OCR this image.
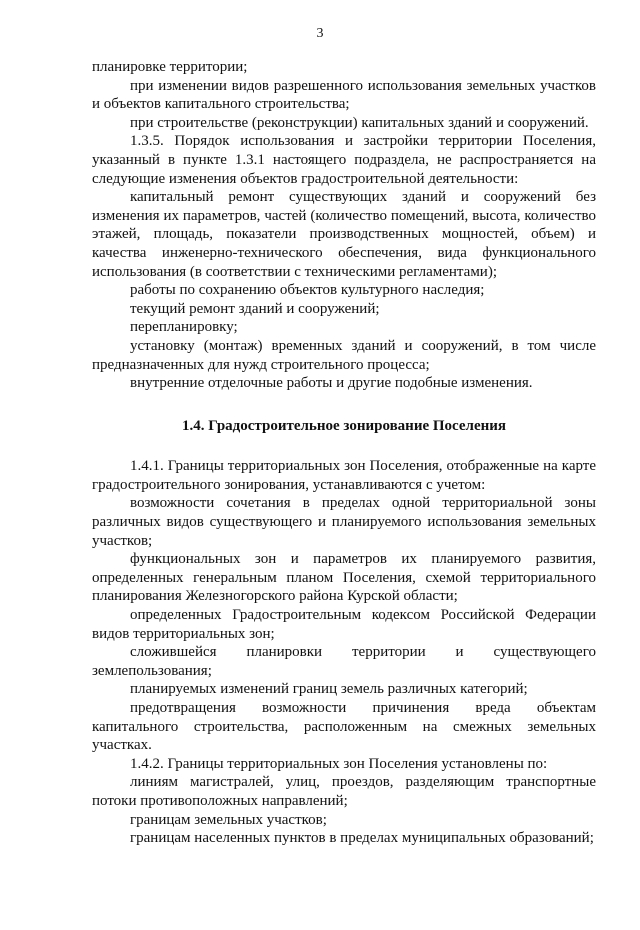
3

планировке территории;

при изменении видов разрешенного использования земельных участков и объектов капитального строительства;

при строительстве (реконструкции) капитальных зданий и сооружений.

1.3.5. Порядок использования и застройки территории Поселения, указанный в пункте 1.3.1 настоящего подраздела, не распространяется на следующие изменения объектов градостроительной деятельности:

капитальный ремонт существующих зданий и сооружений без изменения их параметров, частей (количество помещений, высота, количество этажей, площадь, показатели производственных мощностей, объем) и качества инженерно-технического обеспечения, вида функционального использования (в соответствии с техническими регламентами);

работы по сохранению объектов культурного наследия;

текущий ремонт зданий и сооружений;

перепланировку;

установку (монтаж) временных зданий и сооружений, в том числе предназначенных для нужд строительного процесса;

внутренние отделочные работы и другие подобные изменения.

1.4. Градостроительное зонирование Поселения

1.4.1. Границы территориальных зон Поселения, отображенные на карте градостроительного зонирования, устанавливаются с учетом:

возможности сочетания в пределах одной территориальной зоны различных видов существующего и планируемого использования земельных участков;

функциональных зон и параметров их планируемого развития, определенных генеральным планом Поселения, схемой территориального планирования Железногорского района Курской области;

определенных Градостроительным кодексом Российской Федерации видов территориальных зон;

сложившейся планировки территории и существующего землепользования;

планируемых изменений границ земель различных категорий;

предотвращения возможности причинения вреда объектам капитального строительства, расположенным на смежных земельных участках.

1.4.2. Границы территориальных зон Поселения установлены по:

линиям магистралей, улиц, проездов, разделяющим транспортные потоки противоположных направлений;

границам земельных участков;

границам населенных пунктов в пределах муниципальных образований;
